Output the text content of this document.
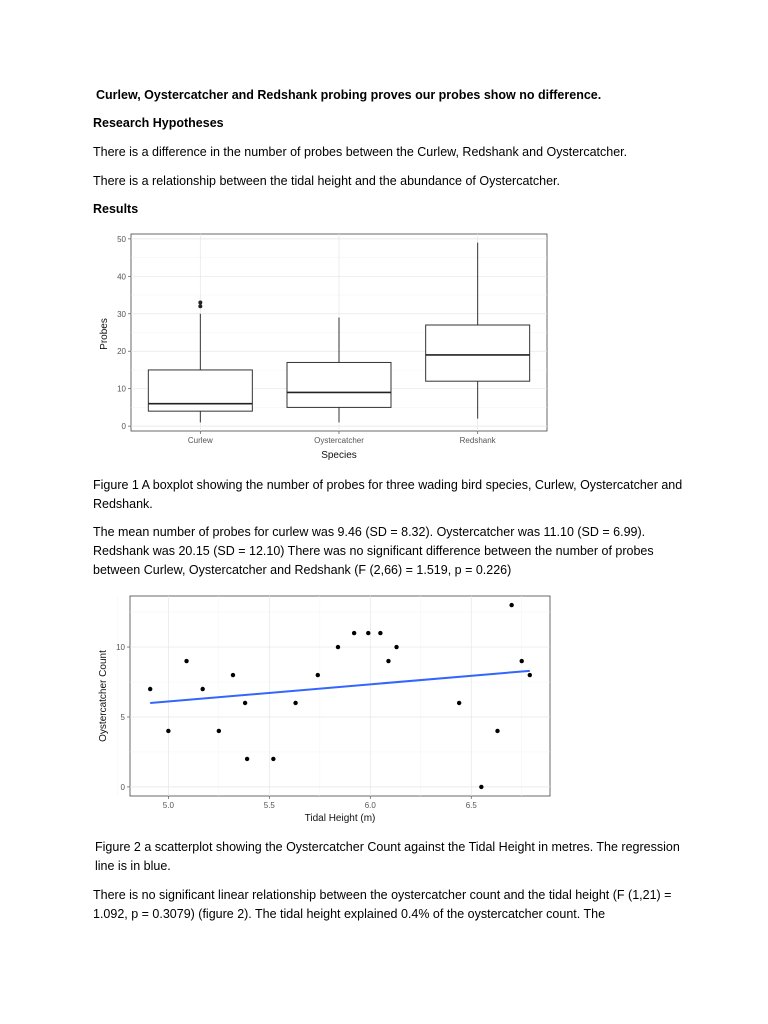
Curlew, Oystercatcher and Redshank probing proves our probes show no difference.

Research Hypotheses

There is a difference in the number of probes between the Curlew, Redshank and Oystercatcher.

There is a relationship between the tidal height and the abundance of Oystercatcher.

Results

0
10
20
30
40
50
Curlew	Oystercatcher	Redshank
Species
Probes

Figure 1 A boxplot showing the number of probes for three wading bird species, Curlew, Oystercatcher and Redshank.

The mean number of probes for curlew was 9.46 (SD = 8.32). Oystercatcher was 11.10 (SD = 6.99). Redshank was 20.15 (SD = 12.10) There was no significant difference between the number of probes between Curlew, Oystercatcher and Redshank (F (2,66) = 1.519, p = 0.226)

0
5
10
5.0	5.5	6.0	6.5
Tidal Height (m)
Oystercatcher Count

Figure 2 a scatterplot showing the Oystercatcher Count against the Tidal Height in metres. The regression line is in blue.

There is no significant linear relationship between the oystercatcher count and the tidal height (F (1,21) = 1.092, p = 0.3079) (figure 2). The tidal height explained 0.4% of the oystercatcher count. The
